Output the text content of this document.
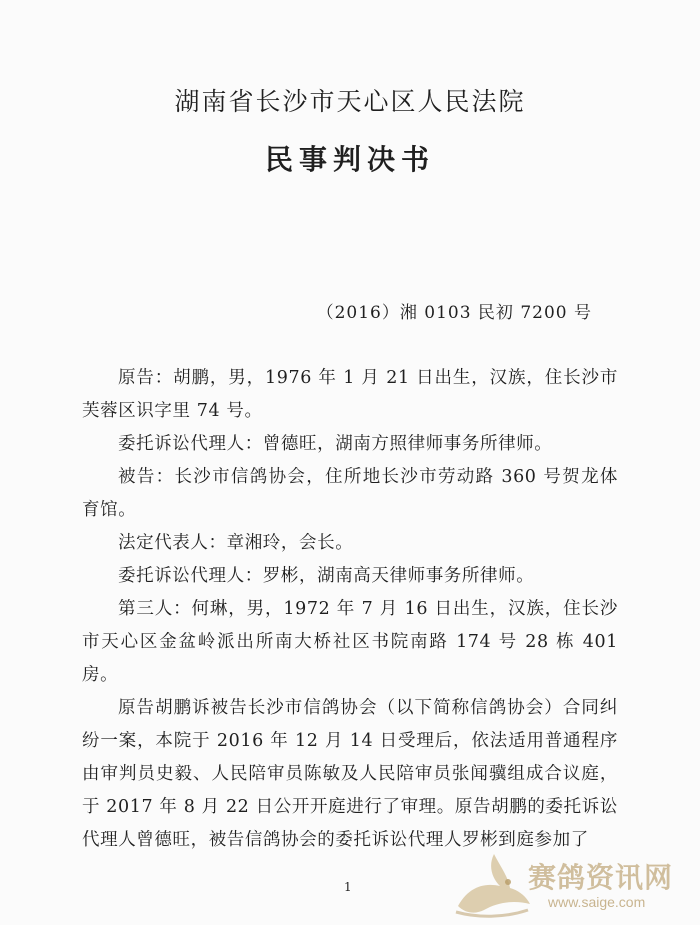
湖南省长沙市天心区人民法院
民事判决书
（2016）湘 0103 民初 7200 号

原告：胡鹏，男，1976 年 1 月 21 日出生，汉族，住长沙市芙蓉区识字里 74 号。

委托诉讼代理人：曾德旺，湖南方照律师事务所律师。

被告：长沙市信鸽协会，住所地长沙市劳动路 360 号贺龙体育馆。

法定代表人：章湘玲，会长。

委托诉讼代理人：罗彬，湖南高天律师事务所律师。

第三人：何琳，男，1972 年 7 月 16 日出生，汉族，住长沙市天心区金盆岭派出所南大桥社区书院南路 174 号 28 栋 401 房。

原告胡鹏诉被告长沙市信鸽协会（以下简称信鸽协会）合同纠纷一案，本院于 2016 年 12 月 14 日受理后，依法适用普通程序由审判员史毅、人民陪审员陈敏及人民陪审员张闻骥组成合议庭，于 2017 年 8 月 22 日公开开庭进行了审理。原告胡鹏的委托诉讼代理人曾德旺，被告信鸽协会的委托诉讼代理人罗彬到庭参加了

1	赛鸽资讯网
www.saige.com
